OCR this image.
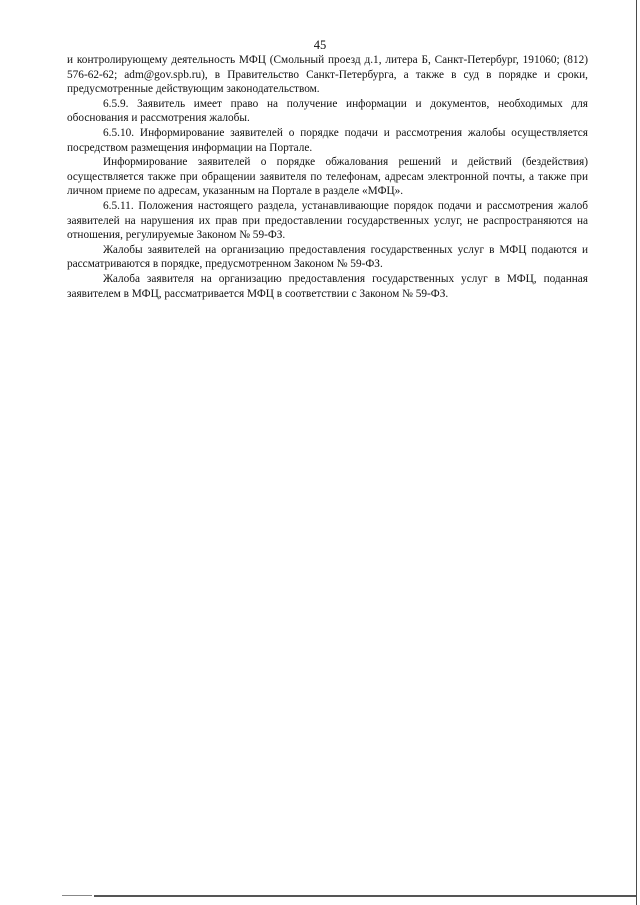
45

и контролирующему деятельность МФЦ (Смольный проезд д.1, литера Б, Санкт-Петербург, 191060; (812) 576-62-62; adm@gov.spb.ru), в Правительство Санкт-Петербурга, а также в суд в порядке и сроки, предусмотренные действующим законодательством.

6.5.9. Заявитель имеет право на получение информации и документов, необходимых для обоснования и рассмотрения жалобы.

6.5.10. Информирование заявителей о порядке подачи и рассмотрения жалобы осуществляется посредством размещения информации на Портале.

Информирование заявителей о порядке обжалования решений и действий (бездействия) осуществляется также при обращении заявителя по телефонам, адресам электронной почты, а также при личном приеме по адресам, указанным на Портале в разделе «МФЦ».

6.5.11. Положения настоящего раздела, устанавливающие порядок подачи и рассмотрения жалоб заявителей на нарушения их прав при предоставлении государственных услуг, не распространяются на отношения, регулируемые Законом № 59-ФЗ.

Жалобы заявителей на организацию предоставления государственных услуг в МФЦ подаются и рассматриваются в порядке, предусмотренном Законом № 59-ФЗ.

Жалоба заявителя на организацию предоставления государственных услуг в МФЦ, поданная заявителем в МФЦ, рассматривается МФЦ в соответствии с Законом № 59-ФЗ.
